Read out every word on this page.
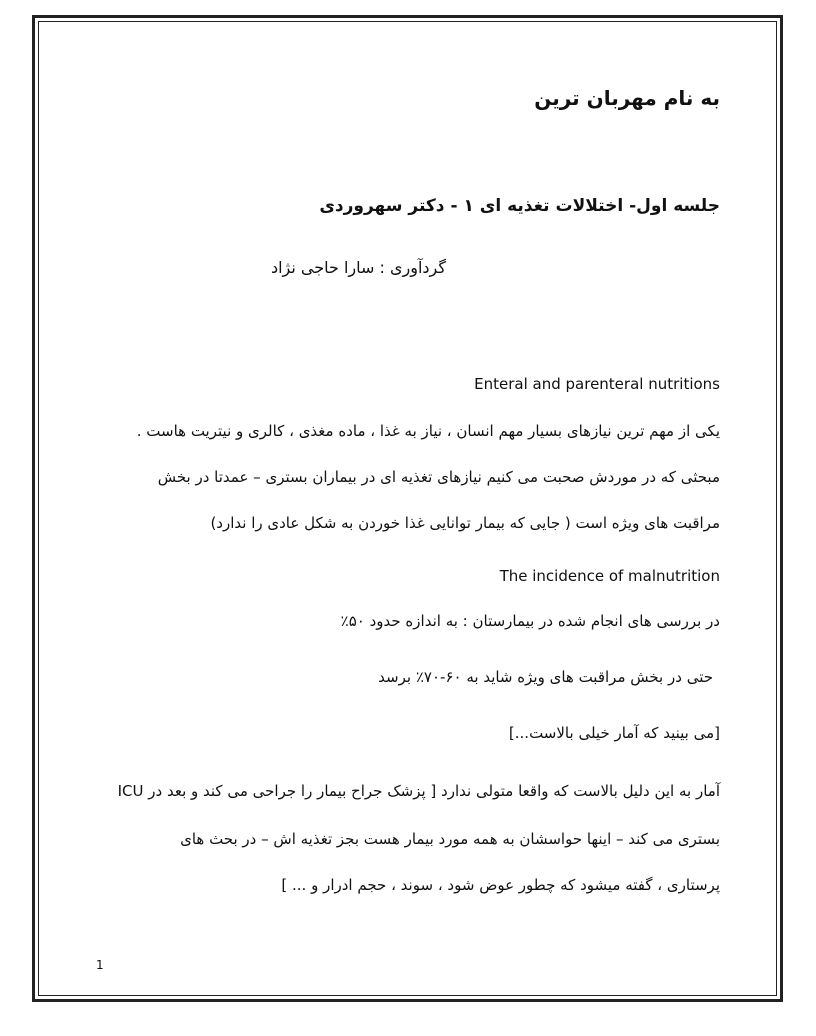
به نام مهربان ترین
جلسه اول- اختلالات تغذیه ای ۱ - دکتر سهروردی
گردآوری : سارا حاجی نژاد
Enteral and parenteral nutritions
یکی از مهم ترین نیازهای بسیار مهم انسان ، نیاز به غذا ، ماده مغذی ، کالری و نیتریت هاست .
مبحثی که در موردش صحبت می کنیم نیازهای تغذیه ای در بیماران بستری – عمدتا در بخش
مراقبت های ویژه است ( جایی که بیمار توانایی غذا خوردن به شکل عادی را ندارد)
The incidence of malnutrition
در بررسی های انجام شده در بیمارستان : به اندازه حدود ۵۰٪
حتی در بخش مراقبت های ویژه شاید به ۶۰-۷۰٪ برسد
[می بینید که آمار خیلی بالاست...]
آمار به این دلیل بالاست که واقعا متولی ندارد [ پزشک جراح بیمار را جراحی می کند و بعد در ICU
بستری می کند – اینها حواسشان به همه مورد بیمار هست بجز تغذیه اش – در بحث های
پرستاری ، گفته میشود که چطور عوض شود ، سوند ، حجم ادرار و ... ]
1
